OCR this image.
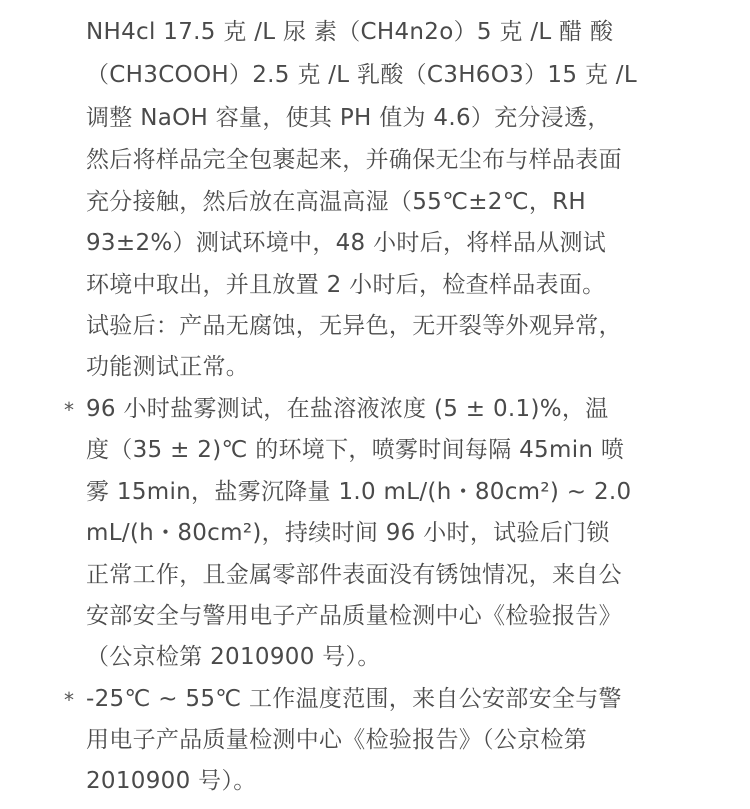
NH4cl 17.5 克 /L 尿 素（CH4n2o）5 克 /L 醋 酸
（CH3COOH）2.5 克 /L 乳酸（C3H6O3）15 克 /L
调整 NaOH 容量，使其 PH 值为 4.6）充分浸透，
然后将样品完全包裹起来，并确保无尘布与样品表面
充分接触，然后放在高温高湿（55℃±2℃，RH
93±2%）测试环境中，48 小时后，将样品从测试
环境中取出，并且放置 2 小时后，检查样品表面。
试验后：产品无腐蚀，无异色，无开裂等外观异常，
功能测试正常。
* 96 小时盐雾测试，在盐溶液浓度 (5 ± 0.1)%，温
度（35 ± 2)℃ 的环境下，喷雾时间每隔 45min 喷
雾 15min，盐雾沉降量 1.0 mL/(h・80cm²) ~ 2.0
mL/(h・80cm²)，持续时间 96 小时，试验后门锁
正常工作，且金属零部件表面没有锈蚀情况，来自公
安部安全与警用电子产品质量检测中心《检验报告》
（公京检第 2010900 号）。
* -25℃ ~ 55℃ 工作温度范围，来自公安部安全与警
用电子产品质量检测中心《检验报告》（公京检第
2010900 号）。
